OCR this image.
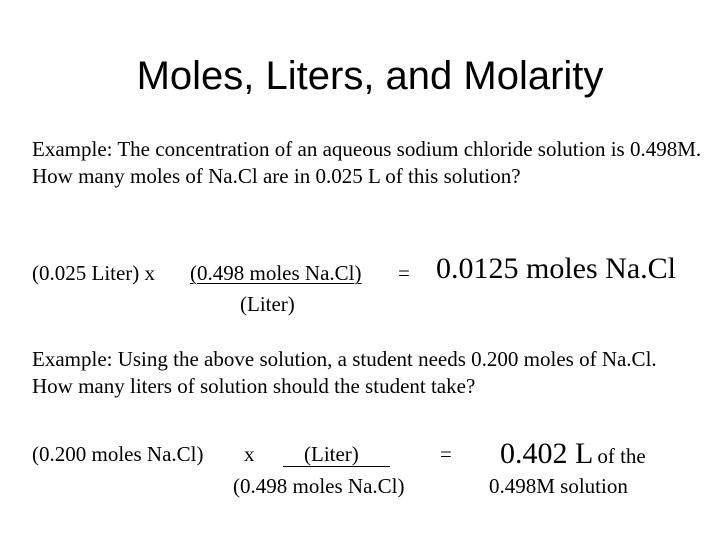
Moles, Liters, and Molarity
Example: The concentration of an aqueous sodium chloride solution is 0.498M. How many moles of Na.Cl are in 0.025 L of this solution?
(0.025 Liter) x (0.498 moles Na.Cl) =
(Liter)
0.0125 moles Na.Cl
Example: Using the above solution, a student needs 0.200 moles of Na.Cl. How many liters of solution should the student take?
(0.200 moles Na.Cl) x (Liter)	=
(0.498 moles Na.Cl)
0.402 L of the
0.498M solution
